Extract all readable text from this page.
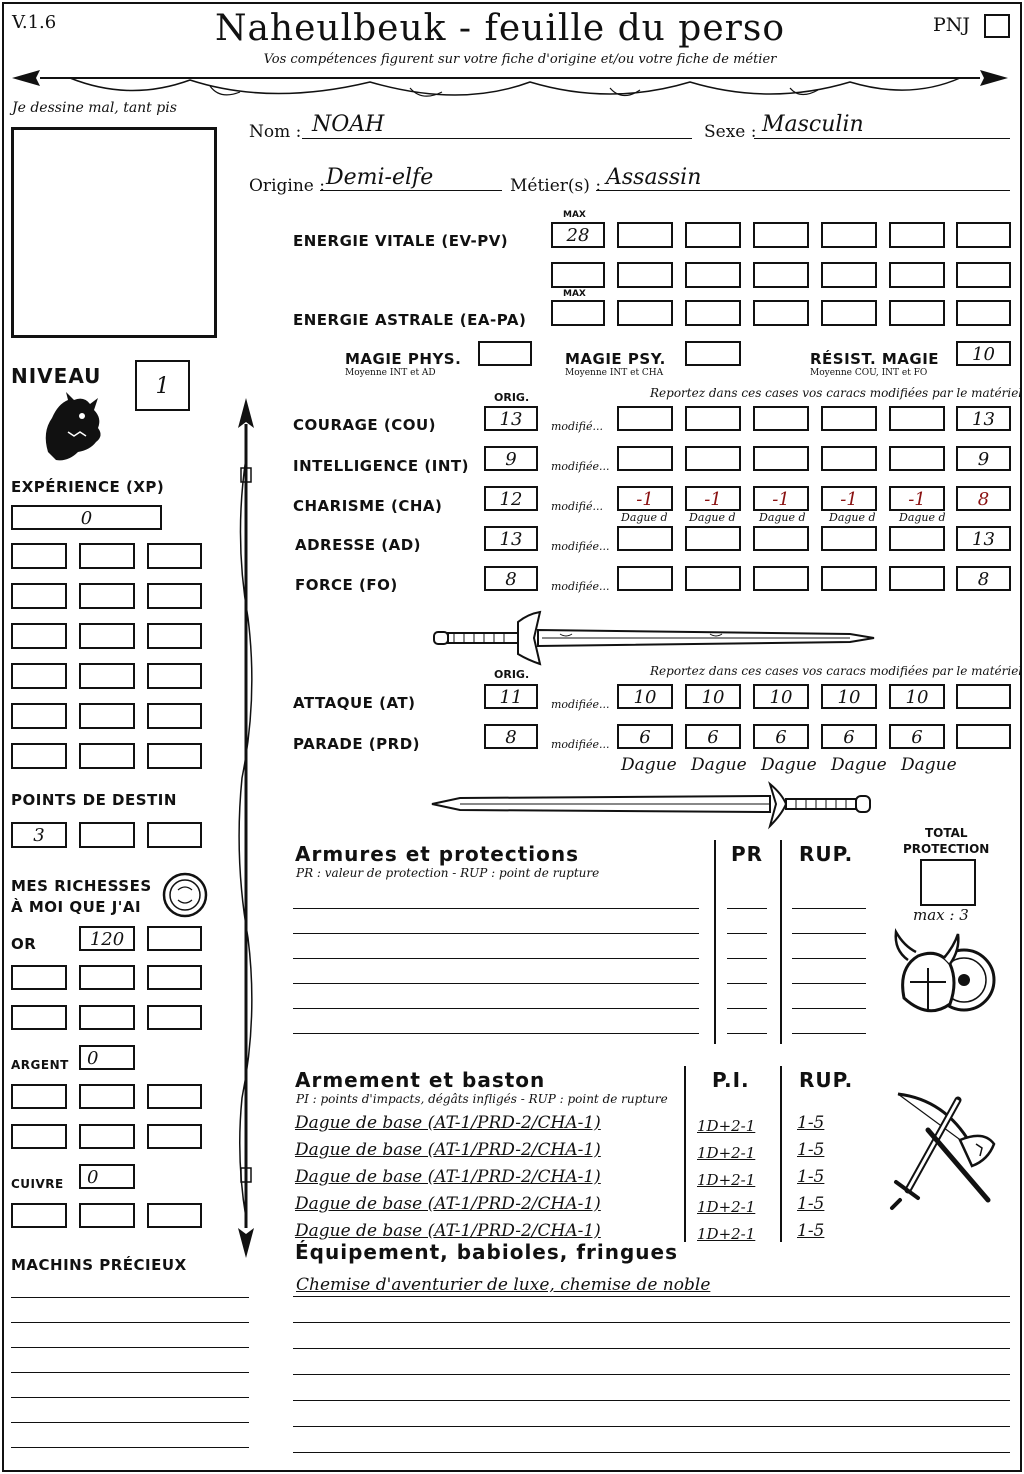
V.1.6	Naheulbeuk - feuille du perso
Vos compétences figurent sur votre fiche d'origine et/ou votre fiche de métier
PNJ
Je dessine mal, tant pis
Nom : NOAH	Sexe : Masculin
Origine : Demi-elfe	Métier(s) : Assassin
MAX
ENERGIE VITALE (EV-PV)	28
MAX
ENERGIE ASTRALE (EA-PA)
MAGIE PHYS.
Moyenne INT et AD
MAGIE PSY.
Moyenne INT et CHA
RÉSIST. MAGIE
Moyenne COU, INT et FO
10
NIVEAU	1
EXPÉRIENCE (XP)
0
POINTS DE DESTIN
3
MES RICHESSES
À MOI QUE J'AI
OR	120
ARGENT	0
CUIVRE	0
MACHINS PRÉCIEUX
ORIG.	Reportez dans ces cases vos caracs modifiées par le matériel
COURAGE (COU)	13	modifié...	13
INTELLIGENCE (INT)	9	modifiée...	9
CHARISME (CHA)	12	modifié...	-1	-1	-1	-1	-1	8
Dague d Dague d Dague d Dague d Dague d
ADRESSE (AD)	13	modifiée...	13
FORCE (FO)	8	modifiée...	8
ORIG.	Reportez dans ces cases vos caracs modifiées par le matériel
ATTAQUE (AT)	11	modifiée...	10	10	10	10	10
PARADE (PRD)	8	modifiée...	6	6	6	6	6
Dague Dague Dague Dague Dague
Armures et protections
PR : valeur de protection - RUP : point de rupture
PR RUP.
TOTAL
PROTECTION
max : 3
Armement et baston
PI : points d'impacts, dégâts infligés - RUP : point de rupture
P.I. RUP.
Dague de base (AT-1/PRD-2/CHA-1)	1D+2-1 1-5
Dague de base (AT-1/PRD-2/CHA-1)	1D+2-1 1-5
Dague de base (AT-1/PRD-2/CHA-1)	1D+2-1 1-5
Dague de base (AT-1/PRD-2/CHA-1)	1D+2-1 1-5
Dague de base (AT-1/PRD-2/CHA-1)	1D+2-1 1-5
Équipement, babioles, fringues
Chemise d'aventurier de luxe, chemise de noble
